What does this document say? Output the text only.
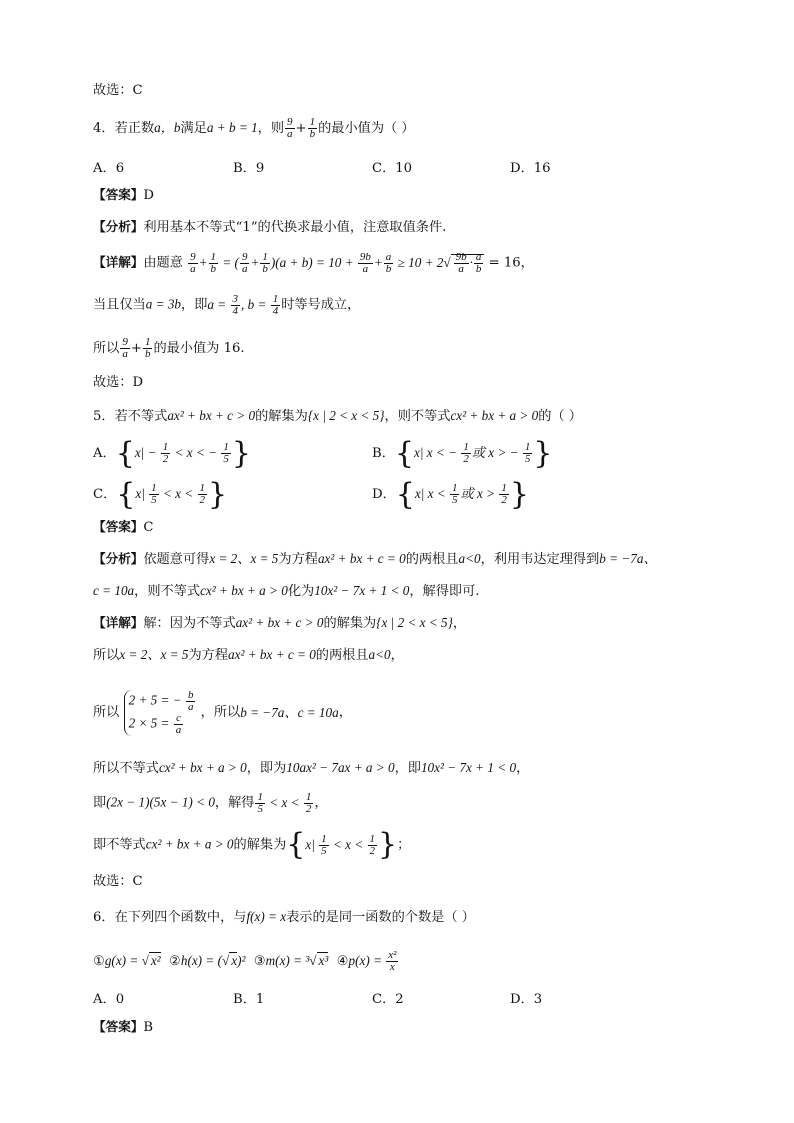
故选：C
4．若正数a，b满足a + b = 1，则 $\frac{9}{a} + \frac{1}{b}$ 的最小值为（ ）
A．6	B．9	C．10	D．16
【答案】D
【分析】利用基本不等式“1”的代换求最小值，注意取值条件.
【详解】由题意 $\frac{9}{a} + \frac{1}{b}$ = ( $\frac{9}{a} + \frac{1}{b} )(a + b) = 10 + \frac{9b}{a} + \frac{a}{b} \ge 10 + 2√ \frac{9b}{a} \cdot \frac{a}{b} = 16$，
当且仅当a = 3b，即$a = \frac{3}{4}$ , $b = \frac{1}{4}$ 时等号成立，
所以 $\frac{9}{a} + \frac{1}{b}$ 的最小值为 16.
故选：D
5．若不等式ax² + bx + c > 0的解集为{x | 2 < x < 5}，则不等式cx² + bx + a > 0的（ ）
A．{$x| - \frac{1}{2} < x$ < − $\frac{1}{5}$ }	B．{x| x < − $\frac{1}{2}$ 或 x > − $\frac{1}{5}$ }
C．{$x| \frac{1}{5} < x < \frac{1}{2}$ }	D．{x| $x < \frac{1}{5}$ 或 $x > \frac{1}{2}$ }
【答案】C
【分析】依题意可得x = 2、x = 5为方程ax² + bx + c = 0的两根且a<0，利用韦达定理得到b = −7a、
c = 10a，则不等式cx² + bx + a > 0化为10x² − 7x + 1 < 0，解得即可.
【详解】解：因为不等式ax² + bx + c > 0的解集为{x | 2 < x < 5}，
所以x = 2、x = 5为方程ax² + bx + c = 0的两根且a<0，
所以
2 + 5 = − $\frac{b}{a}$
$2 \times 5 = \frac{c}{a}$
，所以b = −7a、c = 10a，
所以不等式cx² + bx + a > 0，即为10ax² − 7ax + a > 0，即10x² − 7x + 1 < 0，
即(2x − 1)(5x − 1) < 0，解得 $\frac{1}{5} < x < \frac{1}{2}$ ，
即不等式cx² + bx + a > 0的解集为{$x| \frac{1}{5} < x < \frac{1}{2}$ }；
故选：C
6．在下列四个函数中，与f(x) = x表示的是同一函数的个数是（ ）
①g(x) = √ x² ②h(x) = (√ x)² ③m(x) = ³√ x³ ④p(x) = $\frac{\text{x²}}{x}$
A．0	B．1	C．2	D．3
【答案】B
